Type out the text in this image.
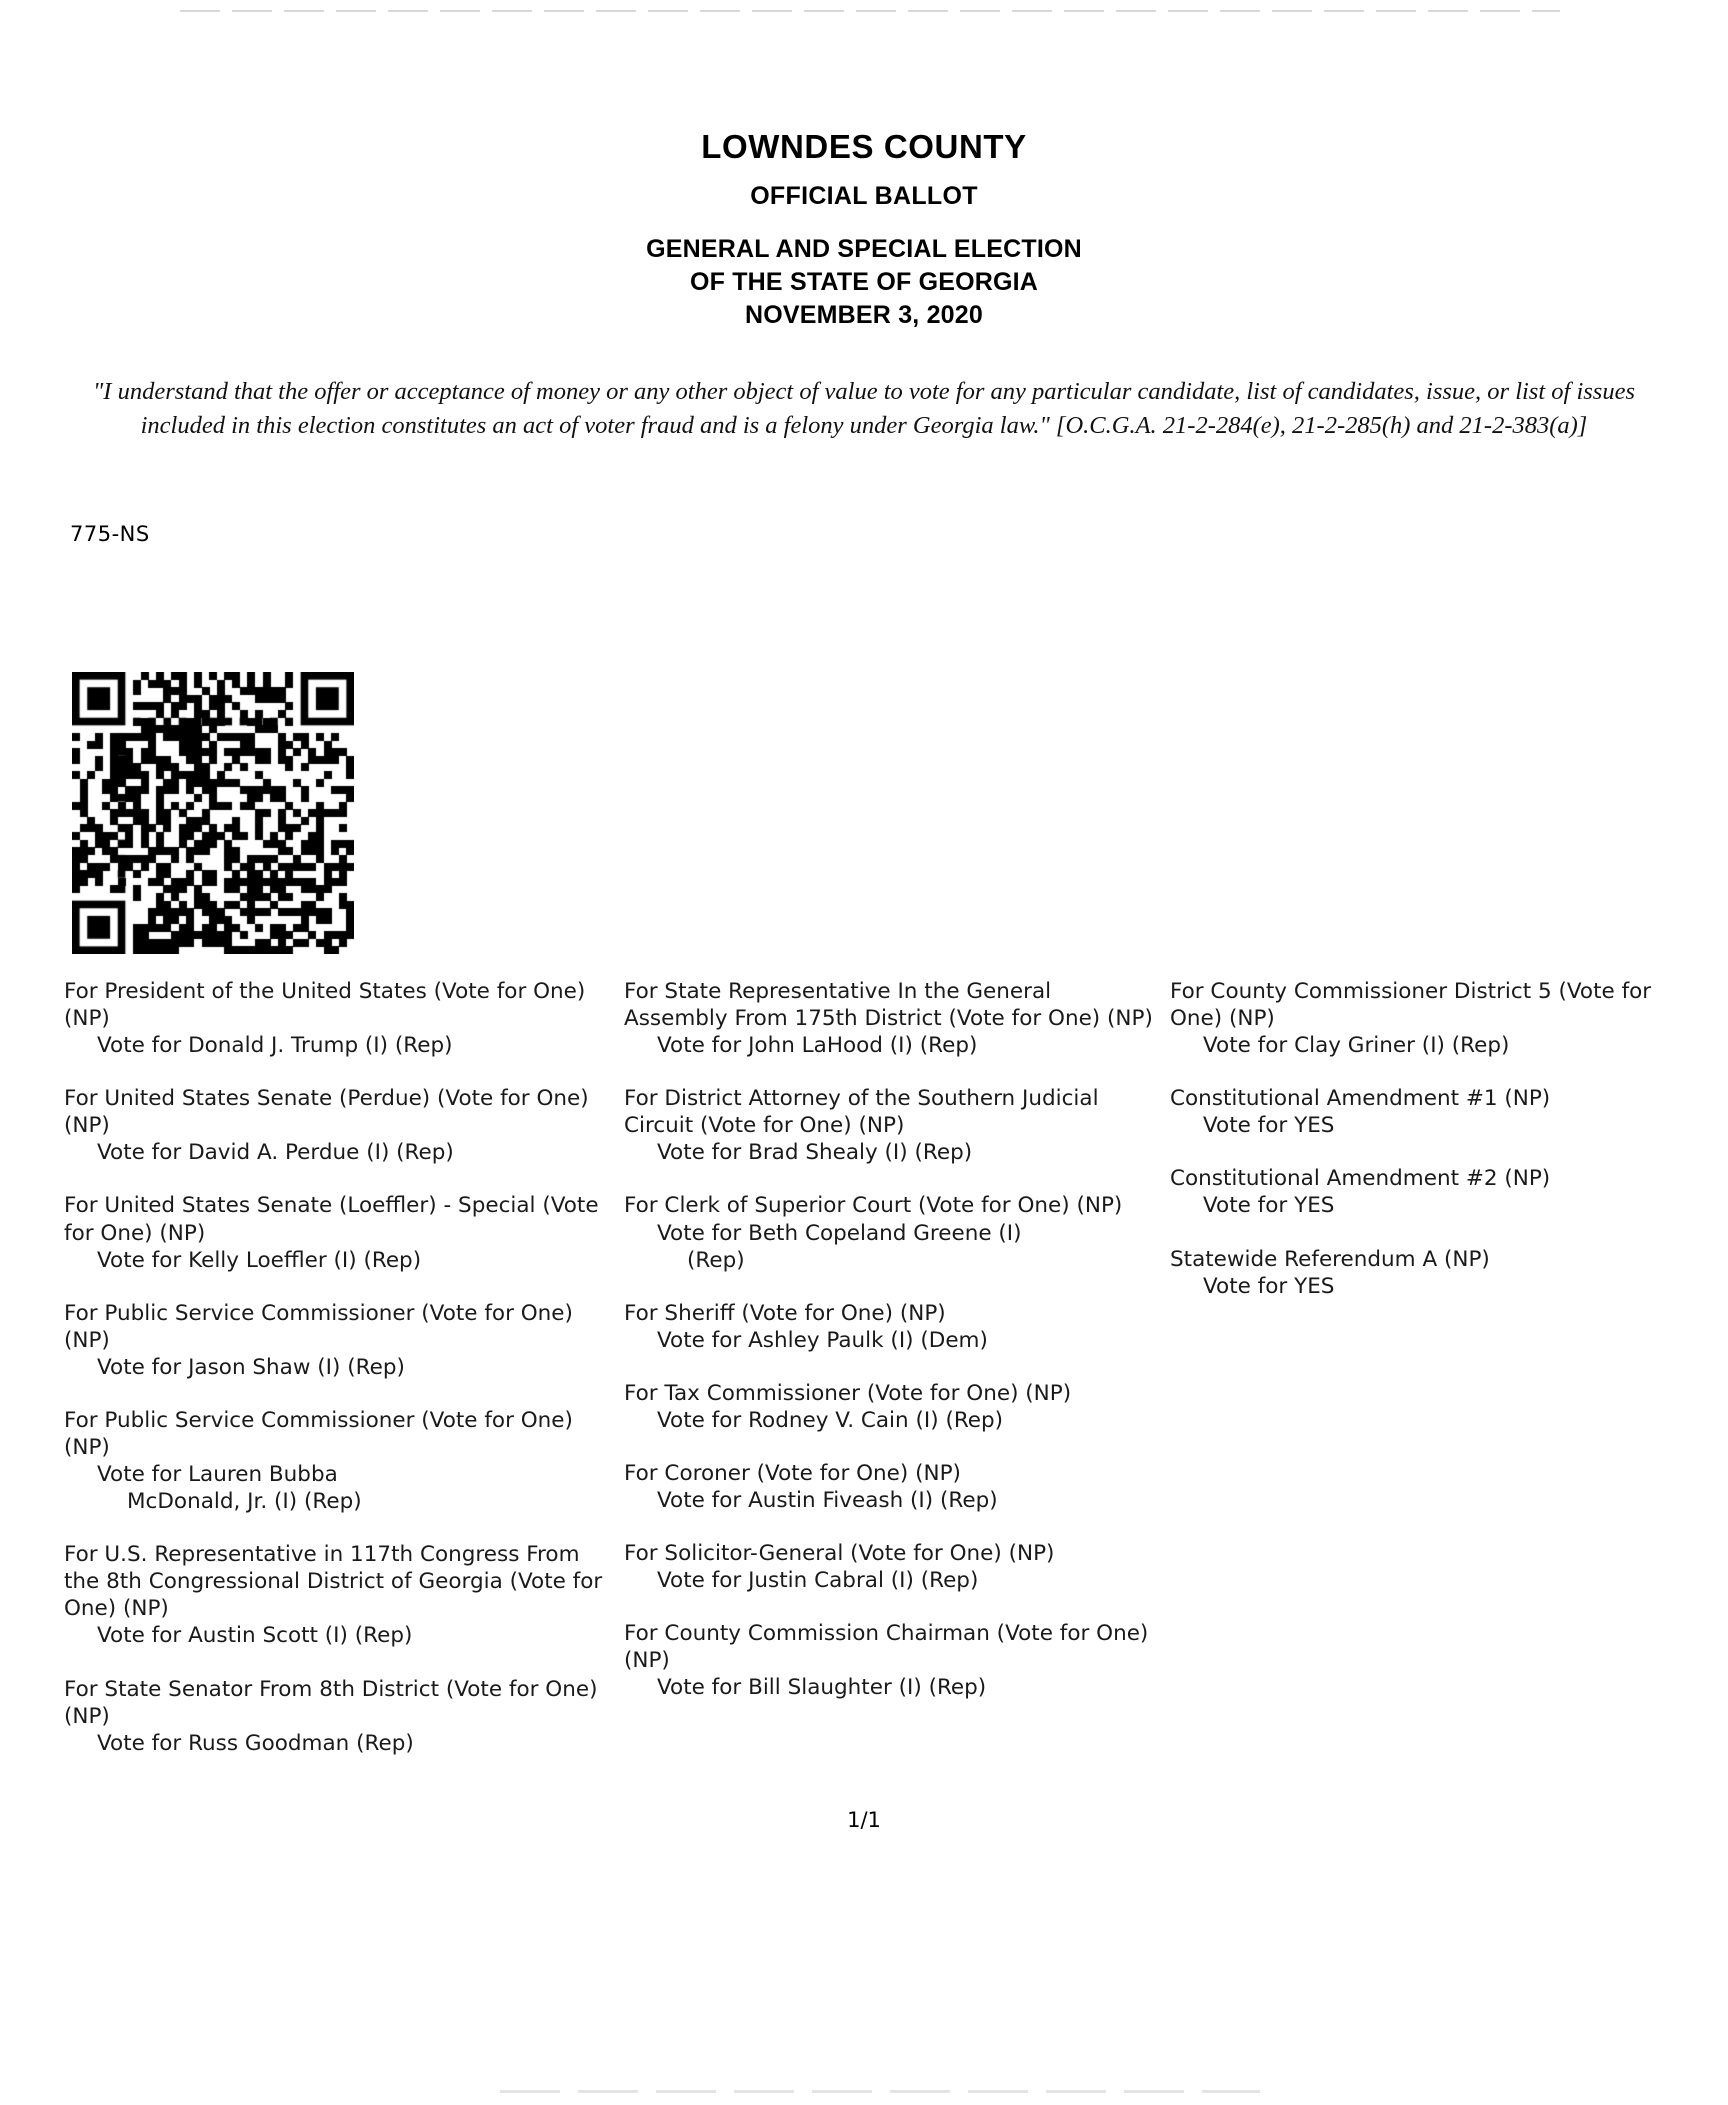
LOWNDES COUNTY
OFFICIAL BALLOT
GENERAL AND SPECIAL ELECTION
OF THE STATE OF GEORGIA
NOVEMBER 3, 2020
"I understand that the offer or acceptance of money or any other object of value to vote for any particular candidate, list of candidates, issue, or list of issues included in this election constitutes an act of voter fraud and is a felony under Georgia law." [O.C.G.A. 21-2-284(e), 21-2-285(h) and 21-2-383(a)]
775-NS
For President of the United States (Vote for One) (NP)
Vote for Donald J. Trump (I) (Rep)
For United States Senate (Perdue) (Vote for One) (NP)
Vote for David A. Perdue (I) (Rep)
For United States Senate (Loeffler) - Special (Vote for One) (NP)
Vote for Kelly Loeffler (I) (Rep)
For Public Service Commissioner (Vote for One) (NP)
Vote for Jason Shaw (I) (Rep)
For Public Service Commissioner (Vote for One) (NP)
Vote for Lauren Bubba
McDonald, Jr. (I) (Rep)
For U.S. Representative in 117th Congress From the 8th Congressional District of Georgia (Vote for One) (NP)
Vote for Austin Scott (I) (Rep)
For State Senator From 8th District (Vote for One) (NP)
Vote for Russ Goodman (Rep)
For State Representative In the General Assembly From 175th District (Vote for One) (NP)
Vote for John LaHood (I) (Rep)
For District Attorney of the Southern Judicial Circuit (Vote for One) (NP)
Vote for Brad Shealy (I) (Rep)
For Clerk of Superior Court (Vote for One) (NP)
Vote for Beth Copeland Greene (I)
(Rep)
For Sheriff (Vote for One) (NP)
Vote for Ashley Paulk (I) (Dem)
For Tax Commissioner (Vote for One) (NP)
Vote for Rodney V. Cain (I) (Rep)
For Coroner (Vote for One) (NP)
Vote for Austin Fiveash (I) (Rep)
For Solicitor-General (Vote for One) (NP)
Vote for Justin Cabral (I) (Rep)
For County Commission Chairman (Vote for One) (NP)
Vote for Bill Slaughter (I) (Rep)
For County Commissioner District 5 (Vote for One) (NP)
Vote for Clay Griner (I) (Rep)
Constitutional Amendment #1 (NP)
Vote for YES
Constitutional Amendment #2 (NP)
Vote for YES
Statewide Referendum A (NP)
Vote for YES
1/1
